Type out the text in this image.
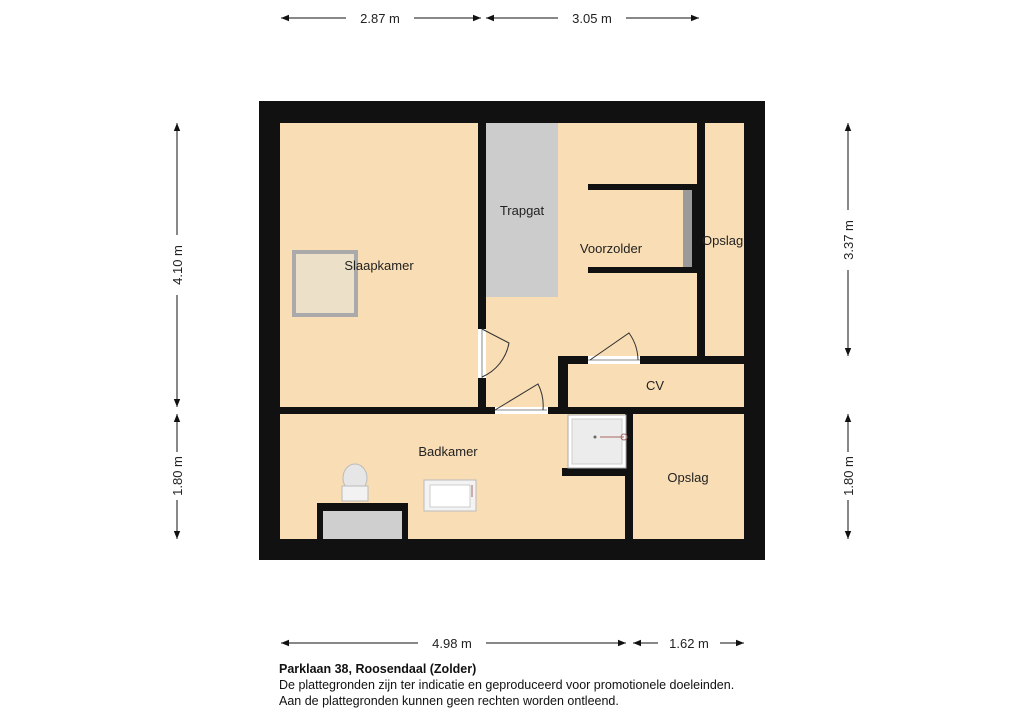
Slaapkamer
Trapgat
Voorzolder
Opslag
CV
Badkamer
Opslag
2.87 m	3.05 m
4.10 m
1.80 m
3.37 m
1.80 m
4.98 m	1.62 m
Parklaan 38, Roosendaal (Zolder)
De plattegronden zijn ter indicatie en geproduceerd voor promotionele doeleinden.
Aan de plattegronden kunnen geen rechten worden ontleend.
